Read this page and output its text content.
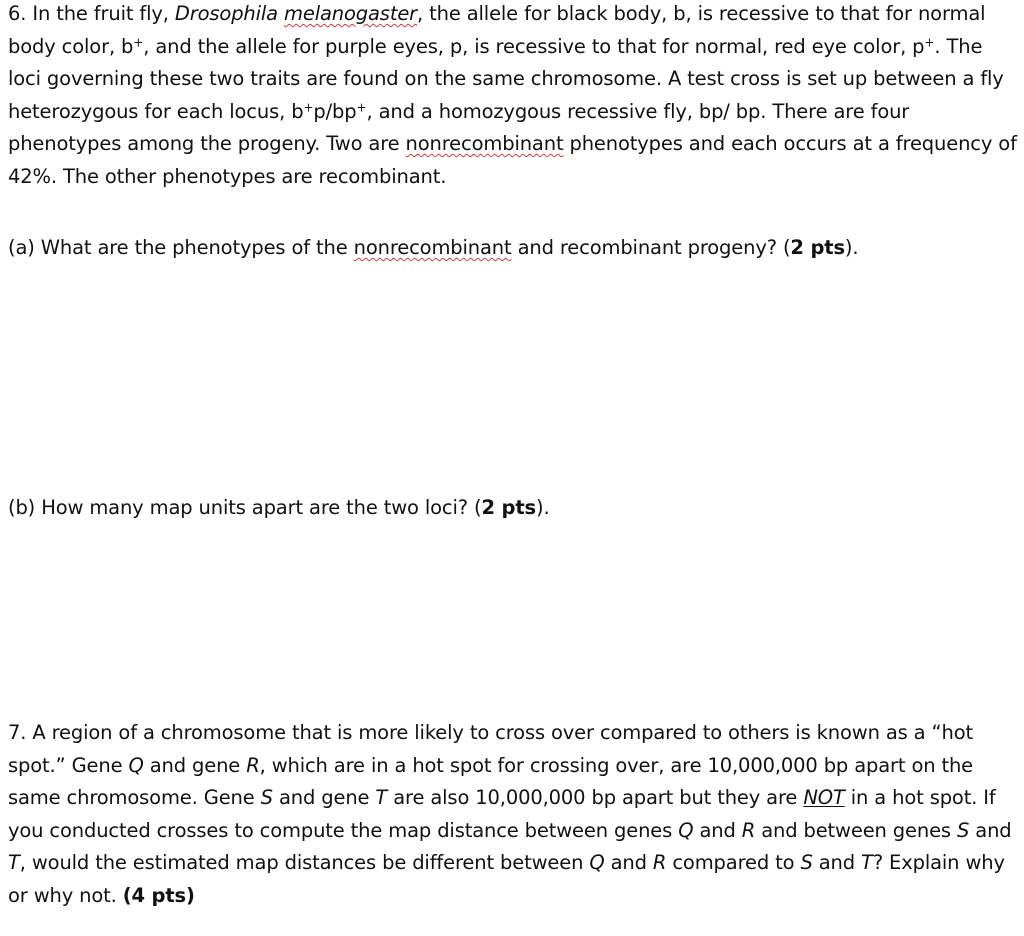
6. In the fruit fly, Drosophila melanogaster, the allele for black body, b, is recessive to that for normal body color, b+, and the allele for purple eyes, p, is recessive to that for normal, red eye color, p+. The loci governing these two traits are found on the same chromosome. A test cross is set up between a fly heterozygous for each locus, b+p/bp+, and a homozygous recessive fly, bp/ bp. There are four phenotypes among the progeny. Two are nonrecombinant phenotypes and each occurs at a frequency of 42%. The other phenotypes are recombinant.

(a) What are the phenotypes of the nonrecombinant and recombinant progeny? (2 pts).

(b) How many map units apart are the two loci? (2 pts).

7. A region of a chromosome that is more likely to cross over compared to others is known as a “hot spot.” Gene Q and gene R, which are in a hot spot for crossing over, are 10,000,000 bp apart on the same chromosome. Gene S and gene T are also 10,000,000 bp apart but they are NOT in a hot spot. If you conducted crosses to compute the map distance between genes Q and R and between genes S and T, would the estimated map distances be different between Q and R compared to S and T? Explain why or why not. (4 pts)
